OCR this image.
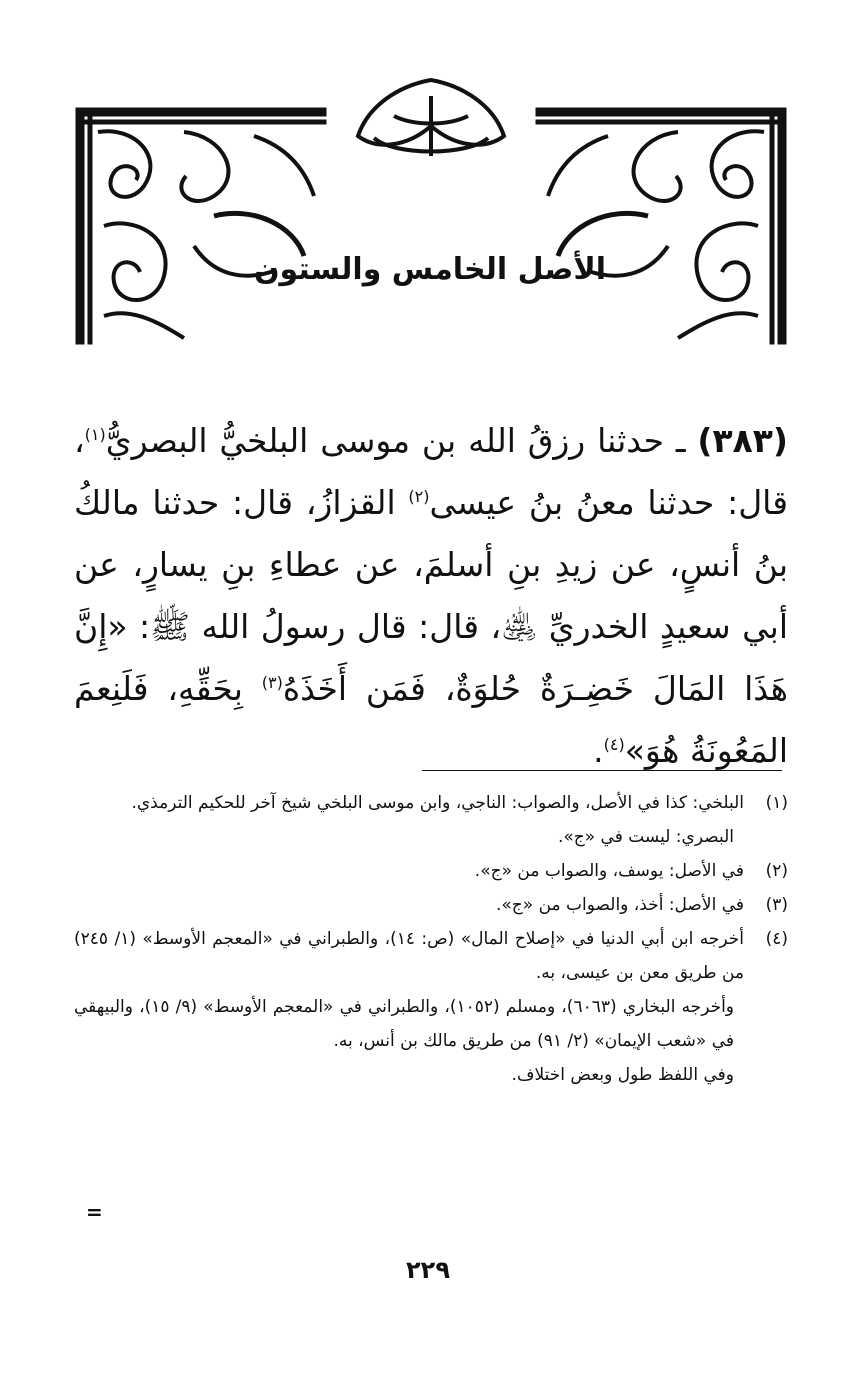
الأصل الخامس والستون
(٣٨٣) ـ حدثنا رزقُ الله بن موسى البلخيُّ البصريُّ$^{(١)}$، قال: حدثنا معنُ بنُ عيسى$^{(٢)}$ القزازُ، قال: حدثنا مالكُ بنُ أنسٍ، عن زيدِ بنِ أسلمَ، عن عطاءِ بنِ يسارٍ، عن أبي سعيدٍ الخدريِّ ﵁، قال: قال رسولُ الله ﷺ: «إِنَّ هَذَا المَالَ خَضِـرَةٌ حُلوَةٌ، فَمَن أَخَذَهُ$^{(٣)}$ بِحَقِّهِ، فَلَنِعمَ المَعُونَةُ هُوَ»$^{(٤)}$.
(١)
البلخي: كذا في الأصل، والصواب: الناجي، وابن موسى البلخي شيخ آخر للحكيم الترمذي.
البصري: ليست في «ج».
(٢)
في الأصل: يوسف، والصواب من «ج».
(٣)
في الأصل: أخذ، والصواب من «ج».
(٤)
أخرجه ابن أبي الدنيا في «إصلاح المال» (ص: ١٤)، والطبراني في «المعجم الأوسط» (١/ ٢٤٥) من طريق معن بن عيسى، به.
وأخرجه البخاري (٦٠٦٣)، ومسلم (١٠٥٢)، والطبراني في «المعجم الأوسط» (٩/ ١٥)، والبيهقي في «شعب الإيمان» (٢/ ٩١) من طريق مالك بن أنس، به.
وفي اللفظ طول وبعض اختلاف.
=
٢٢٩
